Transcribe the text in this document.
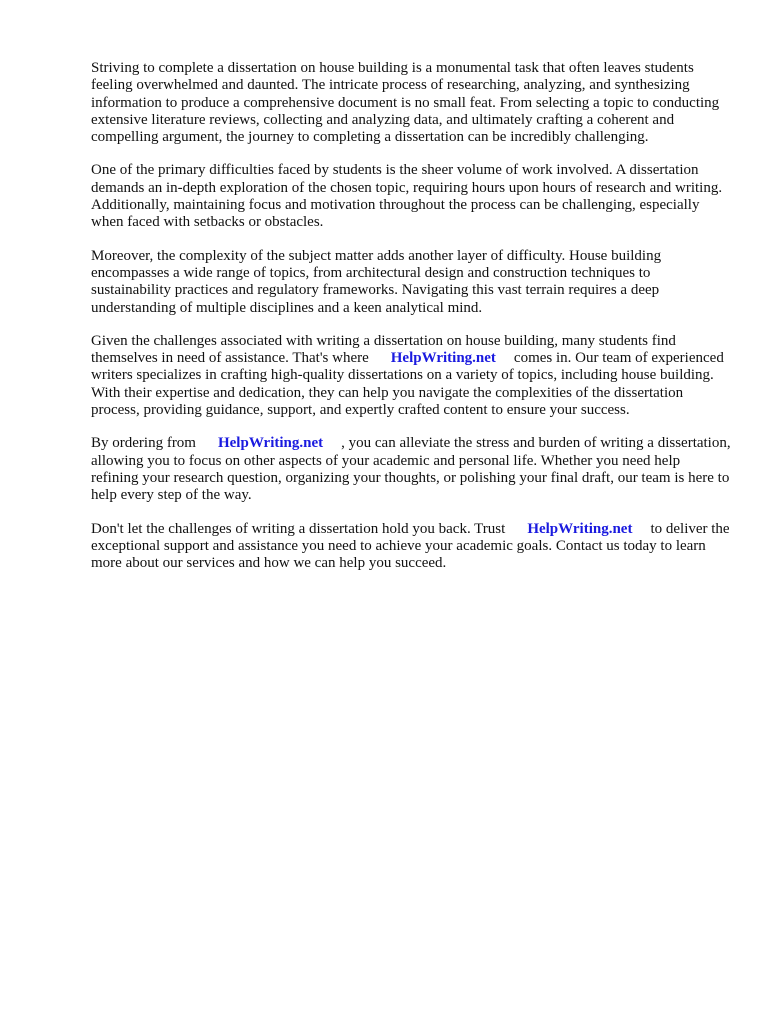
Striving to complete a dissertation on house building is a monumental task that often leaves students feeling overwhelmed and daunted. The intricate process of researching, analyzing, and synthesizing information to produce a comprehensive document is no small feat. From selecting a topic to conducting extensive literature reviews, collecting and analyzing data, and ultimately crafting a coherent and compelling argument, the journey to completing a dissertation can be incredibly challenging.

One of the primary difficulties faced by students is the sheer volume of work involved. A dissertation demands an in-depth exploration of the chosen topic, requiring hours upon hours of research and writing. Additionally, maintaining focus and motivation throughout the process can be challenging, especially when faced with setbacks or obstacles.

Moreover, the complexity of the subject matter adds another layer of difficulty. House building encompasses a wide range of topics, from architectural design and construction techniques to sustainability practices and regulatory frameworks. Navigating this vast terrain requires a deep understanding of multiple disciplines and a keen analytical mind.

Given the challenges associated with writing a dissertation on house building, many students find themselves in need of assistance. That's where HelpWriting.net comes in. Our team of experienced writers specializes in crafting high-quality dissertations on a variety of topics, including house building. With their expertise and dedication, they can help you navigate the complexities of the dissertation process, providing guidance, support, and expertly crafted content to ensure your success.

By ordering from HelpWriting.net , you can alleviate the stress and burden of writing a dissertation, allowing you to focus on other aspects of your academic and personal life. Whether you need help refining your research question, organizing your thoughts, or polishing your final draft, our team is here to help every step of the way.

Don't let the challenges of writing a dissertation hold you back. Trust HelpWriting.net to deliver the exceptional support and assistance you need to achieve your academic goals. Contact us today to learn more about our services and how we can help you succeed.
